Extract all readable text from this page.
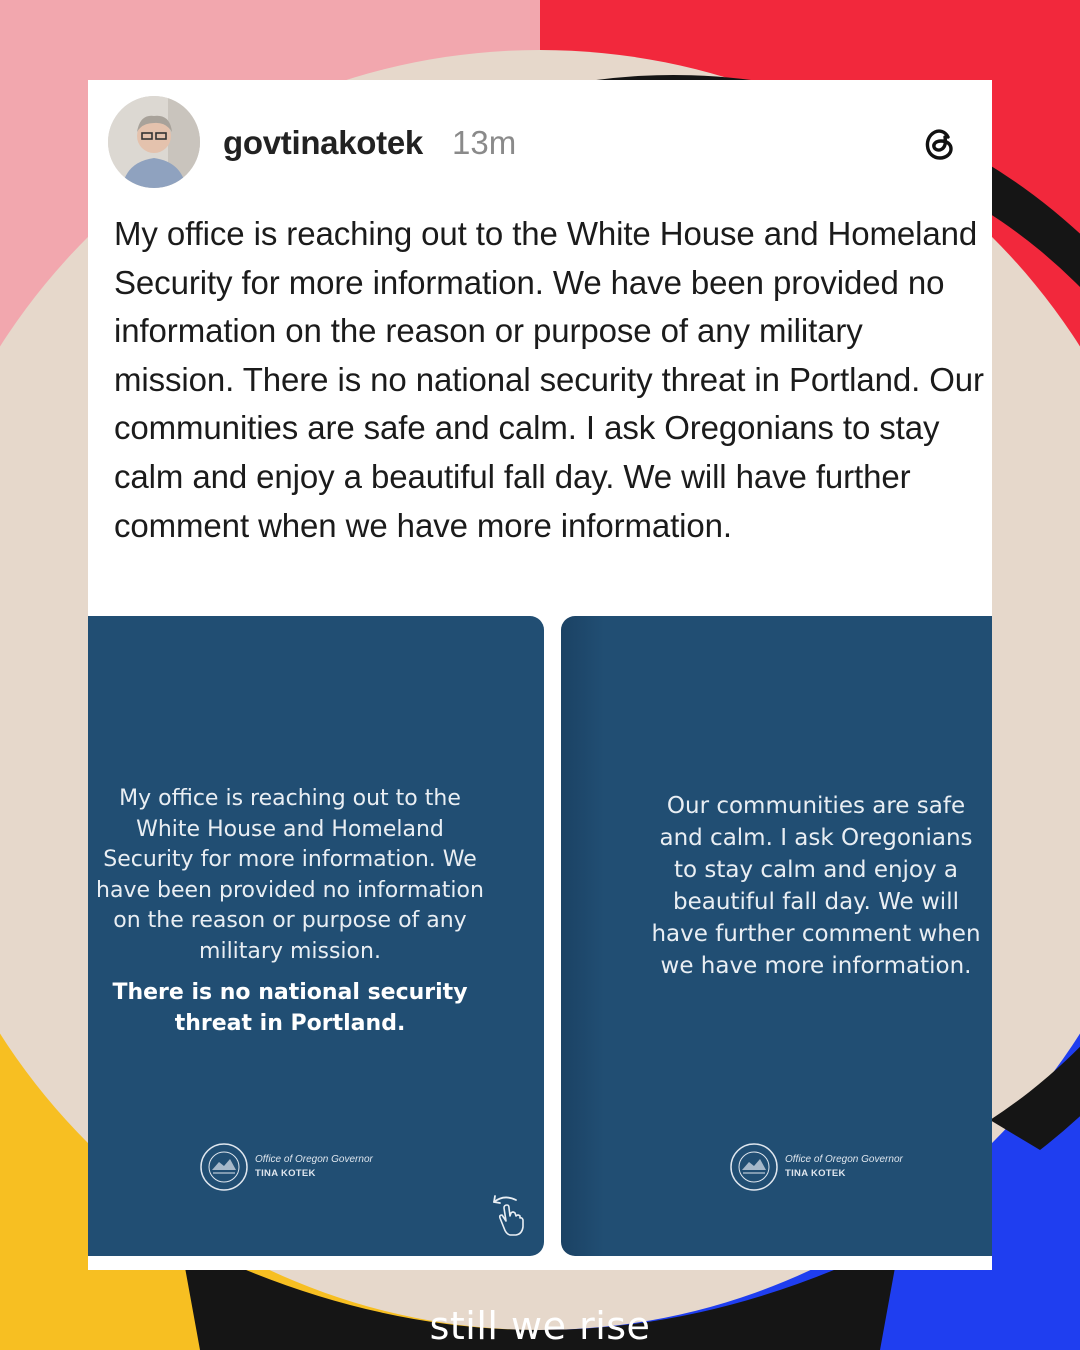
govtinakotek 13m
My office is reaching out to the White House and Homeland Security for more information. We have been provided no information on the reason or purpose of any military mission. There is no national security threat in Portland. Our communities are safe and calm. I ask Oregonians to stay calm and enjoy a beautiful fall day. We will have further comment when we have more information.
My office is reaching out to the White House and Homeland Security for more information. We have been provided no information on the reason or purpose of any military mission.
There is no national security threat in Portland.
Office of Oregon Governor
TINA KOTEK
Our communities are safe and calm. I ask Oregonians to stay calm and enjoy a beautiful fall day. We will have further comment when we have more information.
Office of Oregon Governor
TINA KOTEK
still we rise
